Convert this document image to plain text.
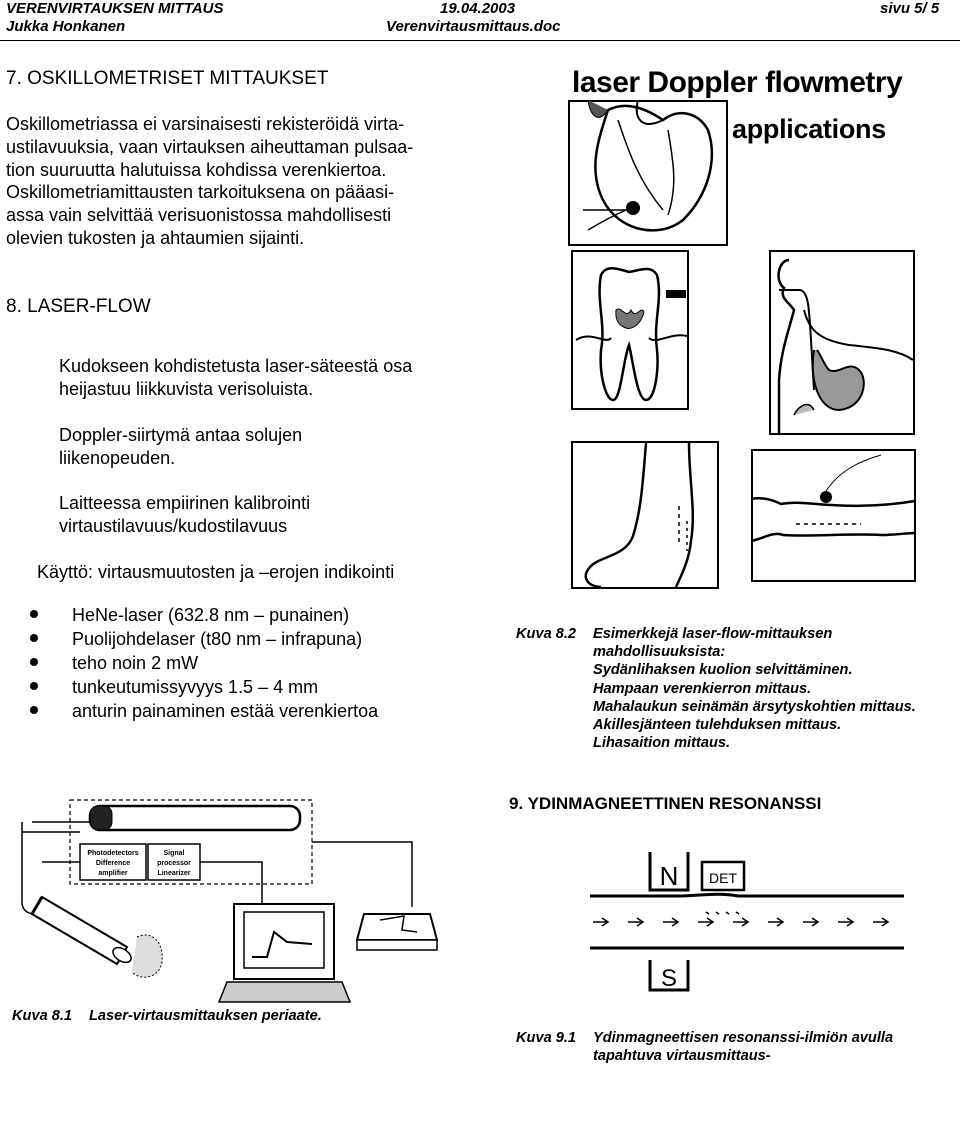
VERENVIRTAUKSEN MITTAUS	19.04.2003	sivu 5/ 5
Jukka Honkanen	Verenvirtausmittaus.doc
7. OSKILLOMETRISET MITTAUKSET
Oskillometriassa ei varsinaisesti rekisteröidä virta-
ustilavuuksia, vaan virtauksen aiheuttaman pulsaa-
tion suuruutta halutuissa kohdissa verenkiertoa.
Oskillometriamittausten tarkoituksena on pääasi-
assa vain selvittää verisuonistossa mahdollisesti
olevien tukosten ja ahtaumien sijainti.
8. LASER-FLOW
Kudokseen kohdistetusta laser-säteestä osa
heijastuu liikkuvista verisoluista.
Doppler-siirtymä antaa solujen
liikenopeuden.
Laitteessa empiirinen kalibrointi
virtaustilavuus/kudostilavuus
Käyttö: virtausmuutosten ja –erojen indikointi
HeNe-laser (632.8 nm – punainen)
Puolijohdelaser (t80 nm – infrapuna)
teho noin 2 mW
tunkeutumissyvyys 1.5 – 4 mm
anturin painaminen estää verenkiertoa
laser Doppler flowmetry
applications
Kuva 8.2 Esimerkkejä laser-flow-mittauksen
mahdollisuuksista:
Sydänlihaksen kuolion selvittäminen.
Hampaan verenkierron mittaus.
Mahalaukun seinämän ärsytyskohtien mittaus.
Akillesjänteen tulehduksen mittaus.
Lihasaition mittaus.
Photodetectors
Difference
amplifier
Signal
processor
Linearizer
Kuva 8.1 Laser-virtausmittauksen periaate.
9. YDINMAGNEETTINEN RESONANSSI
N DET
S
Kuva 9.1 Ydinmagneettisen resonanssi-ilmiön avulla
tapahtuva virtausmittaus-
